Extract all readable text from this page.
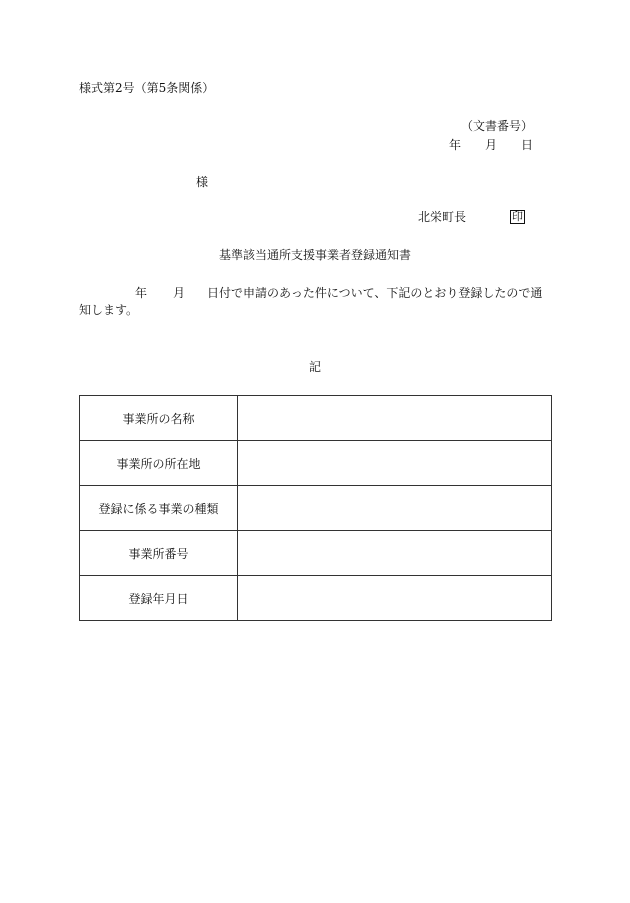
様式第2号（第5条関係）
（文書番号）
年 月 日
様
北栄町長	印
基準該当通所支援事業者登録通知書
年 月 日付で申請のあった件について、下記のとおり登録したので通知します。
記
事業所の名称	
事業所の所在地	
登録に係る事業の種類	
事業所番号	
登録年月日	
